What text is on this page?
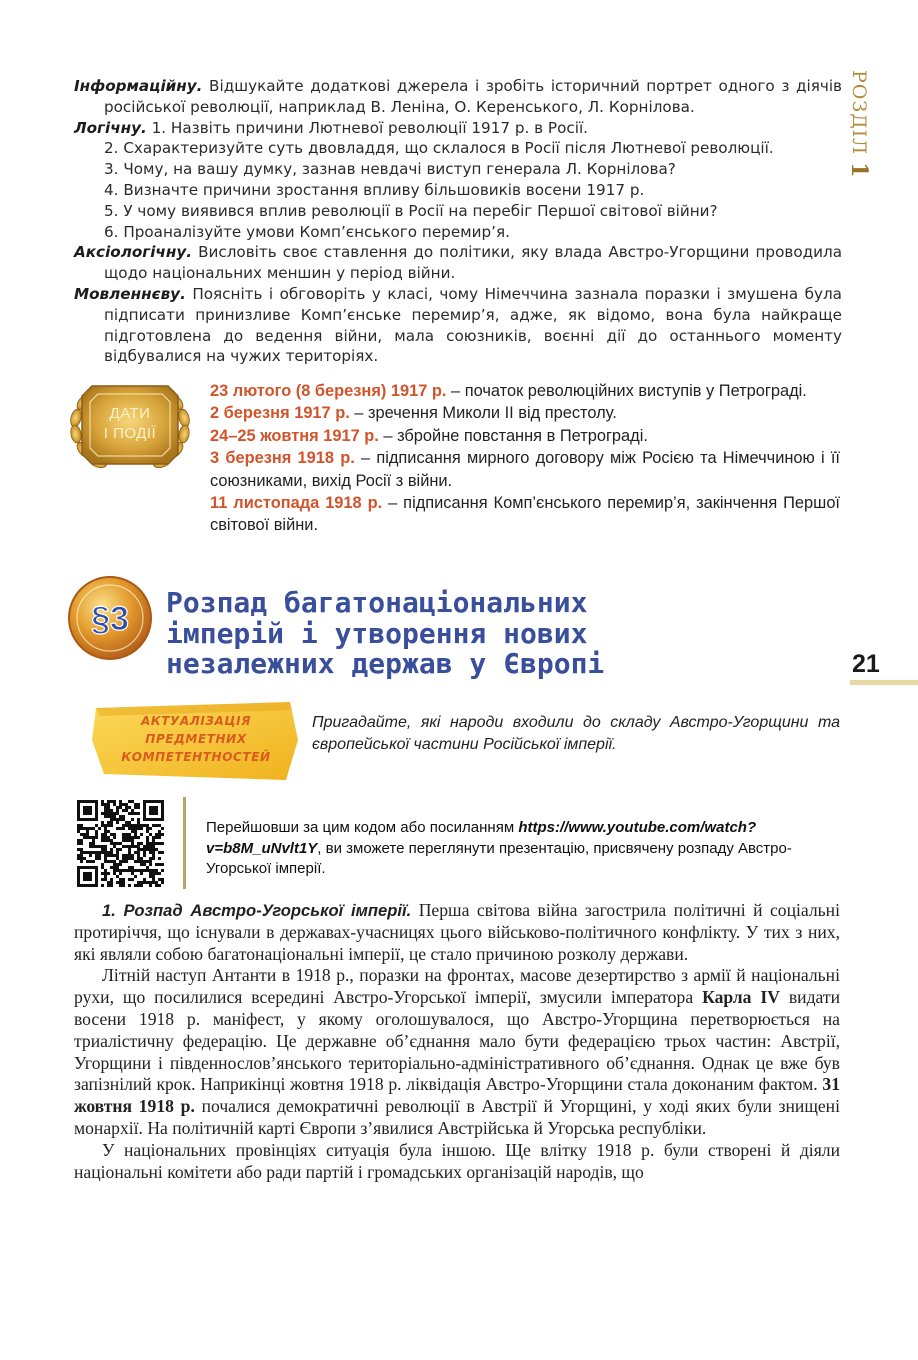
РОЗДІЛ 1

Інформаційну. Відшукайте додаткові джерела і зробіть історичний портрет одного з діячів російської революції, наприклад В. Леніна, О. Керенського, Л. Корнілова.

Логічну. 1. Назвіть причини Лютневої революції 1917 р. в Росії.

2. Схарактеризуйте суть двовладдя, що склалося в Росії після Лютневої революції.

3. Чому, на вашу думку, зазнав невдачі виступ генерала Л. Корнілова?

4. Визначте причини зростання впливу більшовиків восени 1917 р.

5. У чому виявився вплив революції в Росії на перебіг Першої світової війни?

6. Проаналізуйте умови Комп’єнського перемир’я.

Аксіологічну. Висловіть своє ставлення до політики, яку влада Австро-Угорщини проводила щодо національних меншин у період війни.

Мовленнєву. Поясніть і обговоріть у класі, чому Німеччина зазнала поразки і змушена була підписати принизливе Комп’єнське перемир’я, адже, як відомо, вона була найкраще підготовлена до ведення війни, мала союзників, воєнні дії до останнього моменту відбувалися на чужих територіях.

ДАТИ
І ПОДІЇ

23 лютого (8 березня) 1917 р. – початок революційних виступів у Петрограді.

2 березня 1917 р. – зречення Миколи ІІ від престолу.

24–25 жовтня 1917 р. – збройне повстання в Петрограді.

3 березня 1918 р. – підписання мирного договору між Росією та Німеччиною і її союзниками, вихід Росії з війни.

11 листопада 1918 р. – підписання Комп’єнського перемир’я, закінчення Першої світової війни.

§3 Розпад багатонаціональних
імперій і утворення нових
незалежних держав у Європі	21
АКТУАЛІЗАЦІЯ
ПРЕДМЕТНИХ
КОМПЕТЕНТНОСТЕЙ
Пригадайте, які народи входили до складу Австро-Угорщини та європейської частини Російської імперії.
Перейшовши за цим кодом або посиланням https://www.youtube.com/watch?v=b8M_uNvlt1Y, ви зможете переглянути презентацію, присвячену розпаду Австро-Угорської імперії.

1. Розпад Австро-Угорської імперії. Перша світова війна загострила політичні й соціальні протиріччя, що існували в державах-учасницях цього військово-політичного конфлікту. У тих з них, які являли собою багатонаціональні імперії, це стало причиною розколу держави.

Літній наступ Антанти в 1918 р., поразки на фронтах, масове дезертирство з армії й національні рухи, що посилилися всередині Австро-Угорської імперії, змусили імператора Карла IV видати восени 1918 р. маніфест, у якому оголошувалося, що Австро-Угорщина перетворюється на триалістичну федерацію. Це державне об’єднання мало бути федерацією трьох частин: Австрії, Угорщини і південнослов’янського територіально-адміністративного об’єднання. Однак це вже був запізнілий крок. Наприкінці жовтня 1918 р. ліквідація Австро-Угорщини стала доконаним фактом. 31 жовтня 1918 р. почалися демократичні революції в Австрії й Угорщині, у ході яких були знищені монархії. На політичній карті Європи з’явилися Австрійська й Угорська республіки.

У національних провінціях ситуація була іншою. Ще влітку 1918 р. були створені й діяли національні комітети або ради партій і громадських організацій народів, що
